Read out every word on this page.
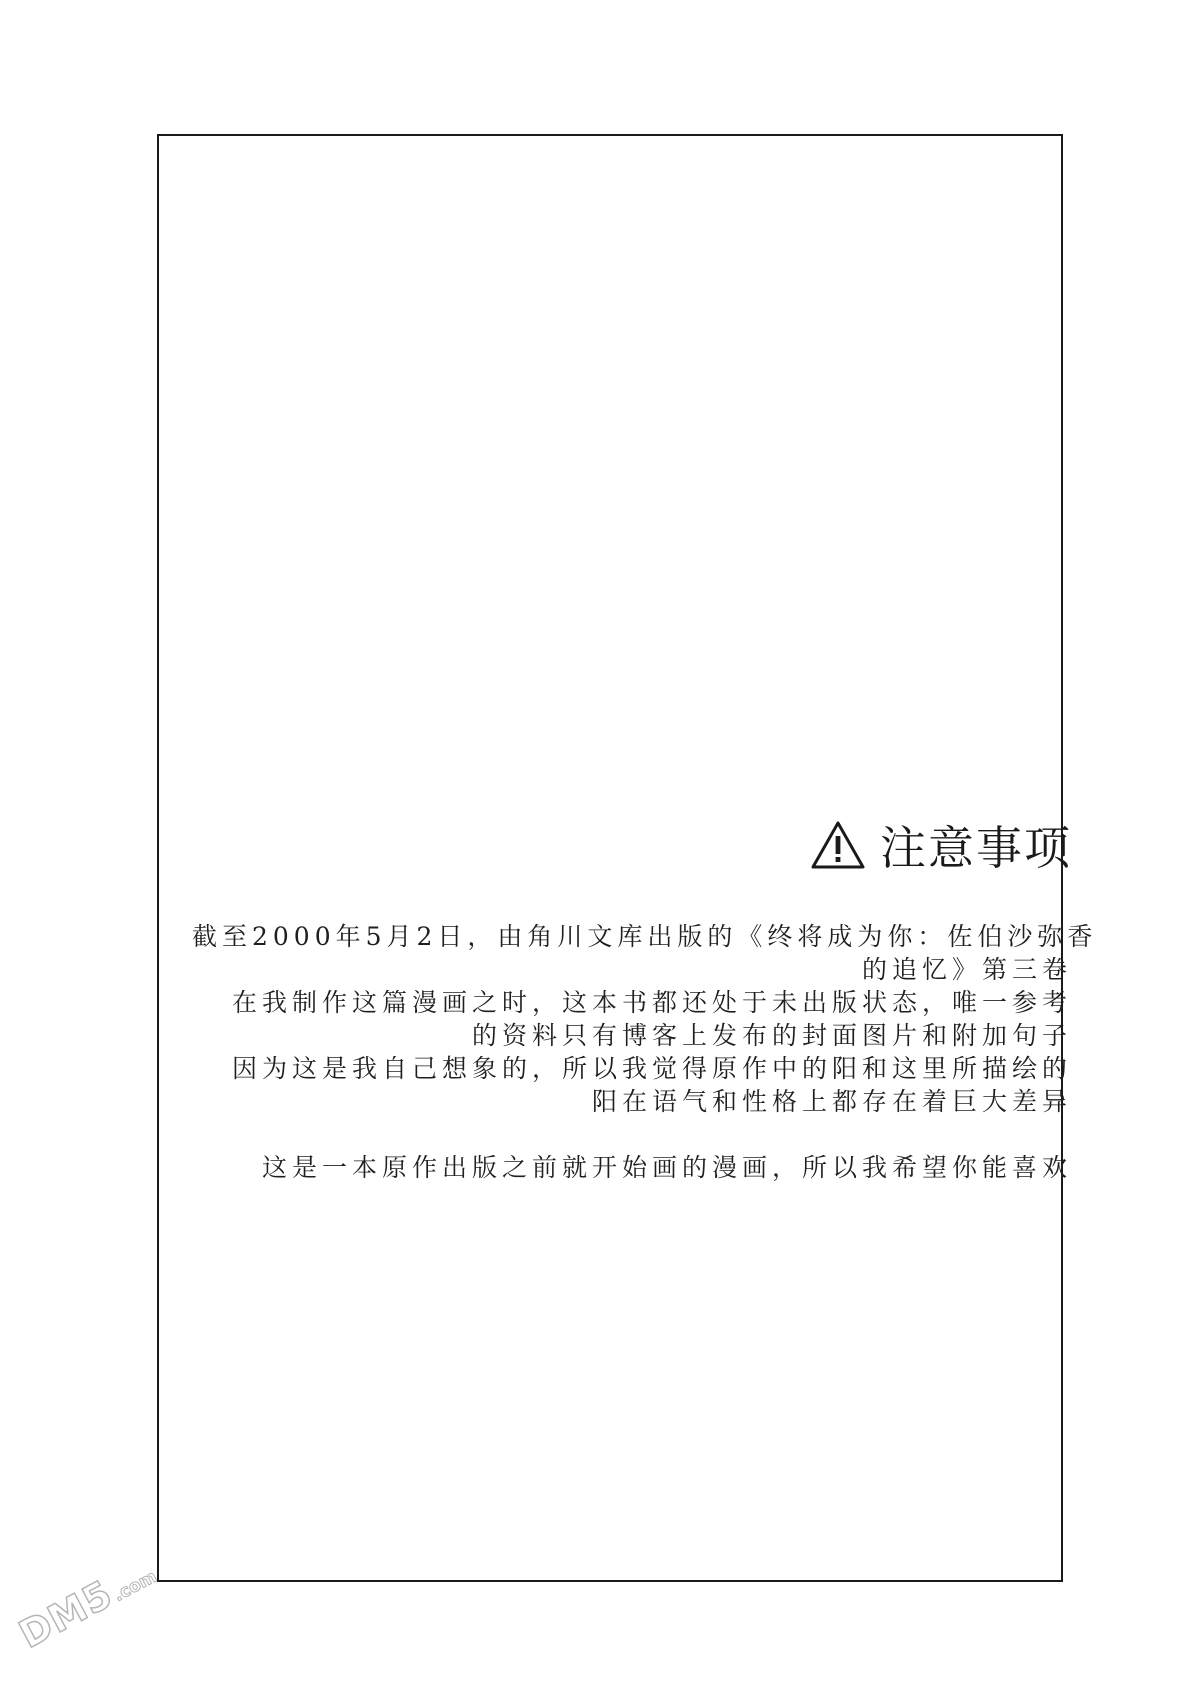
注意事项
截至2000年5月2日，由角川文库出版的《终将成为你：佐伯沙弥香
的追忆》第三卷
在我制作这篇漫画之时，这本书都还处于未出版状态，唯一参考
的资料只有博客上发布的封面图片和附加句子
因为这是我自己想象的，所以我觉得原作中的阳和这里所描绘的
阳在语气和性格上都存在着巨大差异
这是一本原作出版之前就开始画的漫画，所以我希望你能喜欢
DM5
.com
